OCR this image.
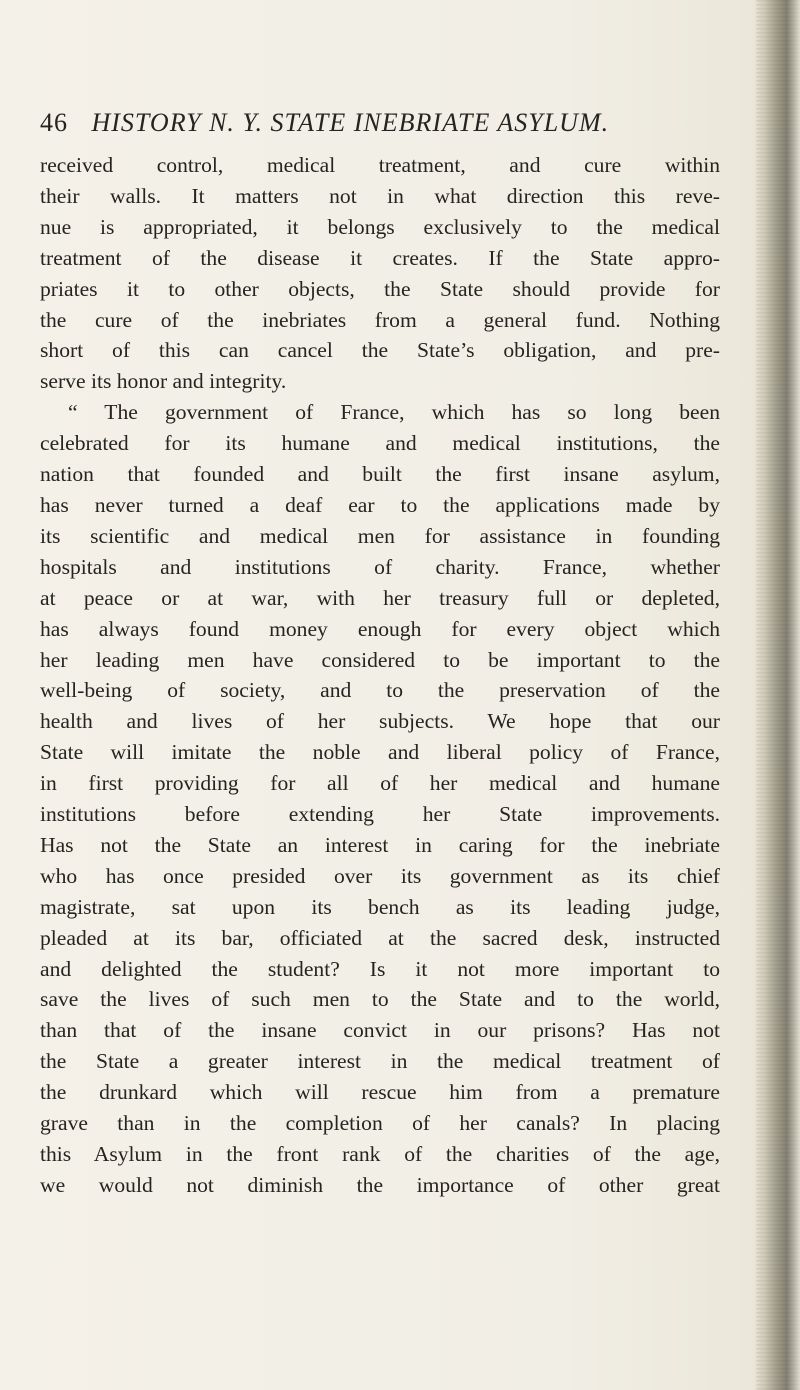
46 HISTORY N. Y. STATE INEBRIATE ASYLUM.
received control, medical treatment, and cure within
their walls. It matters not in what direction this reve-
nue is appropriated, it belongs exclusively to the medical
treatment of the disease it creates. If the State appro-
priates it to other objects, the State should provide for
the cure of the inebriates from a general fund. Nothing
short of this can cancel the State’s obligation, and pre-
serve its honor and integrity.
“ The government of France, which has so long been
celebrated for its humane and medical institutions, the
nation that founded and built the first insane asylum,
has never turned a deaf ear to the applications made by
its scientific and medical men for assistance in founding
hospitals and institutions of charity. France, whether
at peace or at war, with her treasury full or depleted,
has always found money enough for every object which
her leading men have considered to be important to the
well-being of society, and to the preservation of the
health and lives of her subjects. We hope that our
State will imitate the noble and liberal policy of France,
in first providing for all of her medical and humane
institutions before extending her State improvements.
Has not the State an interest in caring for the inebriate
who has once presided over its government as its chief
magistrate, sat upon its bench as its leading judge,
pleaded at its bar, officiated at the sacred desk, instructed
and delighted the student? Is it not more important to
save the lives of such men to the State and to the world,
than that of the insane convict in our prisons? Has not
the State a greater interest in the medical treatment of
the drunkard which will rescue him from a premature
grave than in the completion of her canals? In placing
this Asylum in the front rank of the charities of the age,
we would not diminish the importance of other great
